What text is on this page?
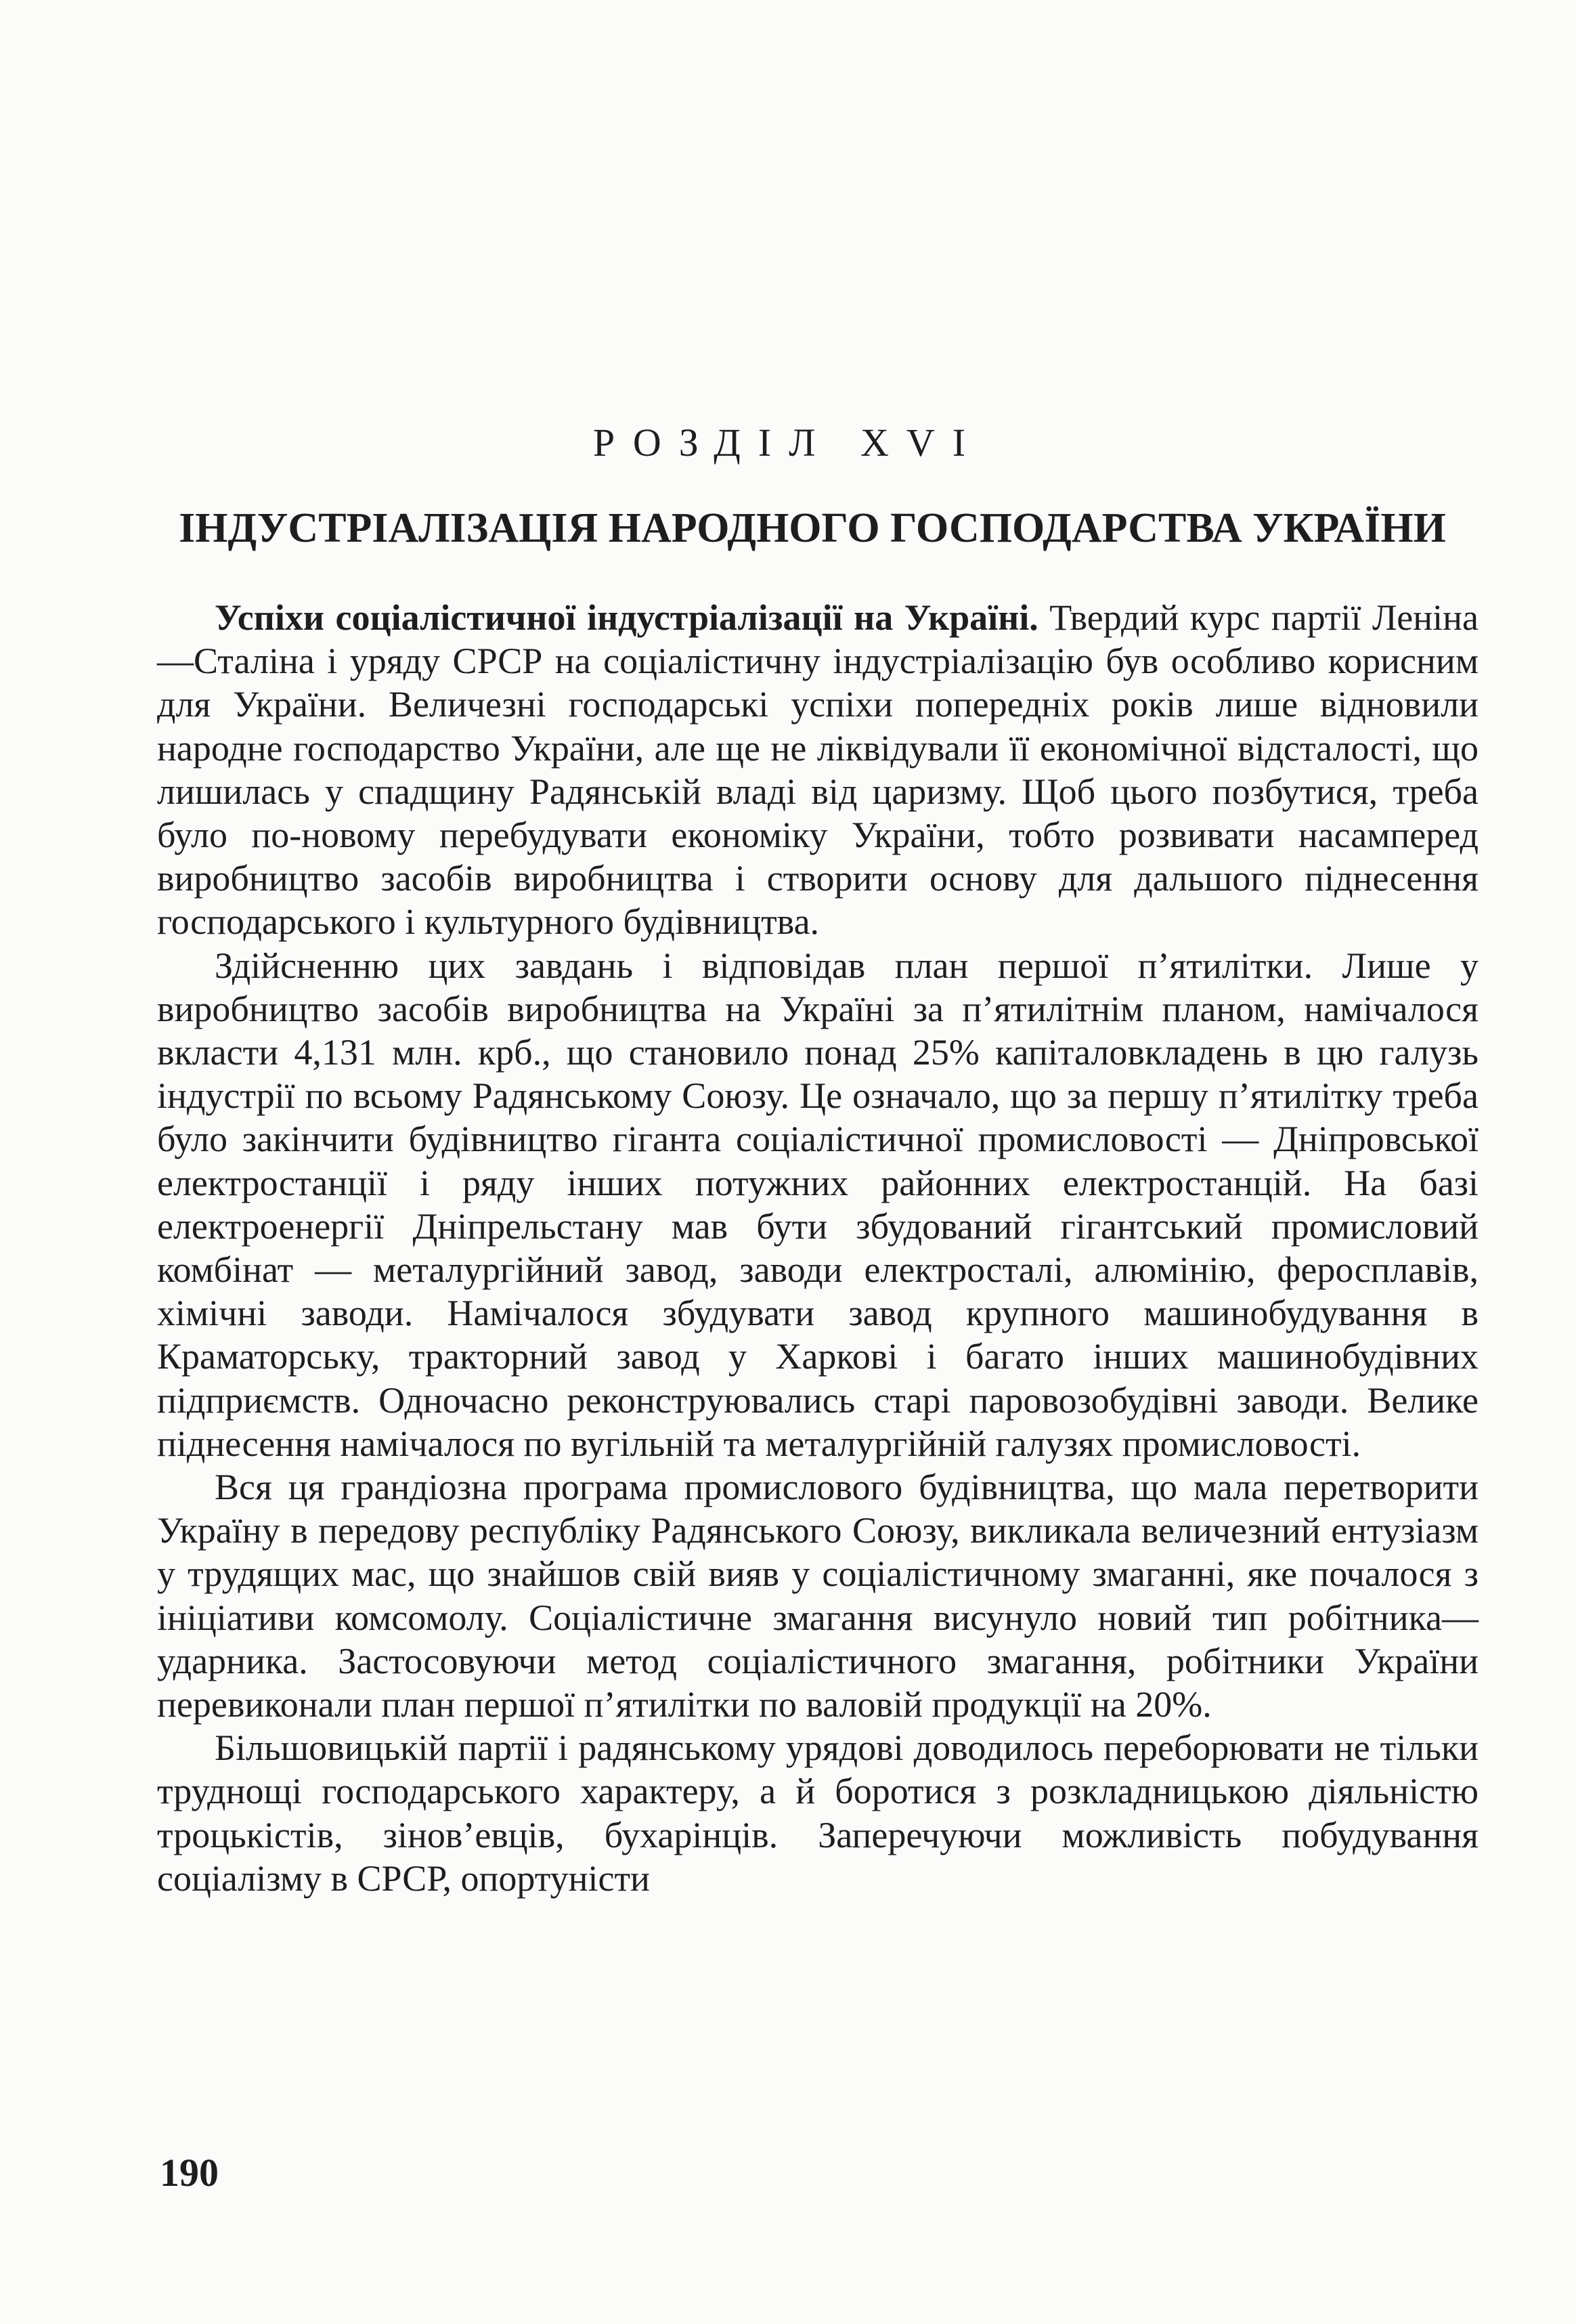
РОЗДІЛ XVI
ІНДУСТРІАЛІЗАЦІЯ НАРОДНОГО ГОСПОДАРСТВА УКРАЇНИ

Успіхи соціалістичної індустріалізації на Україні. Твердий курс партії Леніна—Сталіна і уряду СРСР на соціалістичну індустріалізацію був особливо корисним для України. Величезні господарські успіхи попередніх років лише відновили народне господарство України, але ще не ліквідували її економічної відсталості, що лишилась у спадщину Радянській владі від царизму. Щоб цього позбутися, треба було по-новому перебудувати економіку України, тобто розвивати насамперед виробництво засобів виробництва і створити основу для дальшого піднесення господарського і культурного будівництва.

Здійсненню цих завдань і відповідав план першої п’ятилітки. Лише у виробництво засобів виробництва на Україні за п’ятилітнім планом, намічалося вкласти 4,131 млн. крб., що становило понад 25% капіталовкладень в цю галузь індустрії по всьому Радянському Союзу. Це означало, що за першу п’ятилітку треба було закінчити будівництво гіганта соціалістичної промисловості — Дніпровської електростанції і ряду інших потужних районних електростанцій. На базі електроенергії Дніпрельстану мав бути збудований гігантський промисловий комбінат — металургійний завод, заводи електросталі, алюмінію, феросплавів, хімічні заводи. Намічалося збудувати завод крупного машинобудування в Краматорську, тракторний завод у Харкові і багато інших машинобудівних підприємств. Одночасно реконструювались старі паровозобудівні заводи. Велике піднесення намічалося по вугільній та металургійній галузях промисловості.

Вся ця грандіозна програма промислового будівництва, що мала перетворити Україну в передову республіку Радянського Союзу, викликала величезний ентузіазм у трудящих мас, що знайшов свій вияв у соціалістичному змаганні, яке почалося з ініціативи комсомолу. Соціалістичне змагання висунуло новий тип робітника—ударника. Застосовуючи метод соціалістичного змагання, робітники України перевиконали план першої п’ятилітки по валовій продукції на 20%.

Більшовицькій партії і радянському урядові доводилось переборювати не тільки труднощі господарського характеру, а й боротися з розкладницькою діяльністю троцькістів, зінов’евців, бухарінців. Заперечуючи можливість побудування соціалізму в СРСР, опортуністи

190
